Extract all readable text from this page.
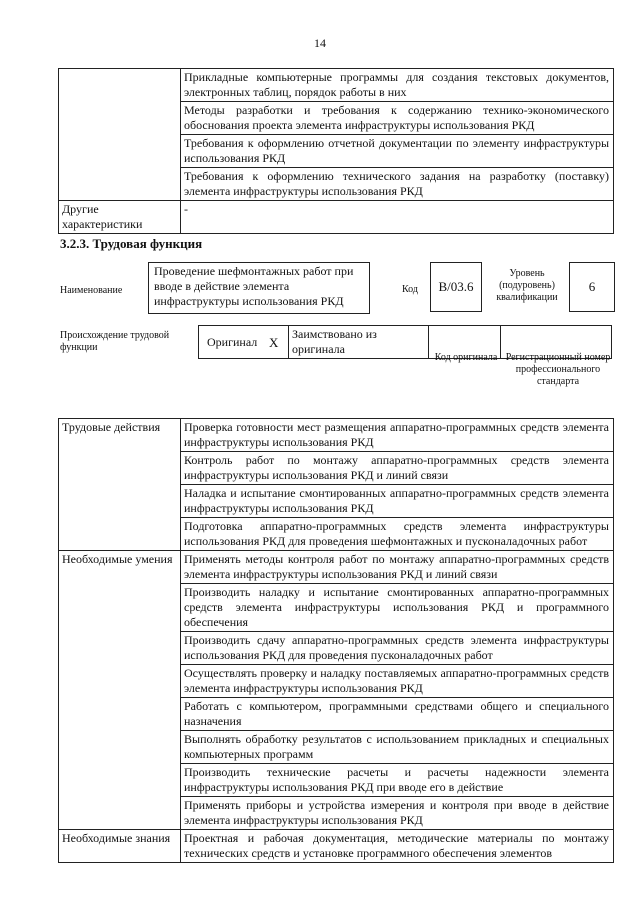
14
	Прикладные компьютерные программы для создания текстовых документов, электронных таблиц, порядок работы в них
	Методы разработки и требования к содержанию технико-экономического обоснования проекта элемента инфраструктуры использования РКД
	Требования к оформлению отчетной документации по элементу инфраструктуры использования РКД
	Требования к оформлению технического задания на разработку (поставку) элемента инфраструктуры использования РКД
Другие характеристики	-
3.2.3. Трудовая функция
Наименование
Проведение шефмонтажных работ при вводе в действие элемента инфраструктуры использования РКД
Код	B/03.6
Уровень (подуровень) квалификации
6
Происхождение трудовой функции	Оригинал	X	Заимствовано из оригинала		
Код оригинала Регистрационный номер профессионального стандарта
Трудовые действия	Проверка готовности мест размещения аппаратно-программных средств элемента инфраструктуры использования РКД
	Контроль работ по монтажу аппаратно-программных средств элемента инфраструктуры использования РКД и линий связи
	Наладка и испытание смонтированных аппаратно-программных средств элемента инфраструктуры использования РКД
	Подготовка аппаратно-программных средств элемента инфраструктуры использования РКД для проведения шефмонтажных и пусконаладочных работ
Необходимые умения	Применять методы контроля работ по монтажу аппаратно-программных средств элемента инфраструктуры использования РКД и линий связи
	Производить наладку и испытание смонтированных аппаратно-программных средств элемента инфраструктуры использования РКД и программного обеспечения
	Производить сдачу аппаратно-программных средств элемента инфраструктуры использования РКД для проведения пусконаладочных работ
	Осуществлять проверку и наладку поставляемых аппаратно-программных средств элемента инфраструктуры использования РКД
	Работать с компьютером, программными средствами общего и специального назначения
	Выполнять обработку результатов с использованием прикладных и специальных компьютерных программ
	Производить технические расчеты и расчеты надежности элемента инфраструктуры использования РКД при вводе его в действие
	Применять приборы и устройства измерения и контроля при вводе в действие элемента инфраструктуры использования РКД
Необходимые знания	Проектная и рабочая документация, методические материалы по монтажу технических средств и установке программного обеспечения элементов
